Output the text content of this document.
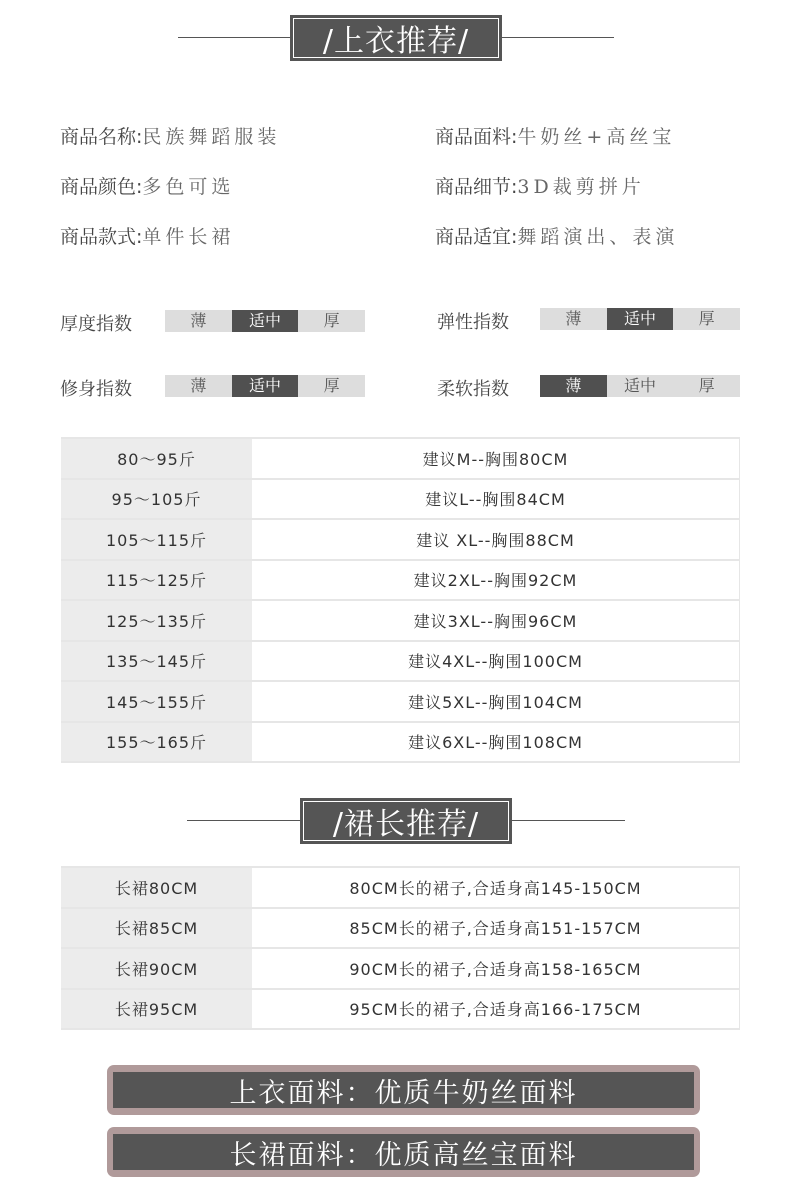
/上衣推荐/
商品名称:民族舞蹈服装	商品面料:牛奶丝+高丝宝
商品颜色:多色可选	商品细节:3D裁剪拼片
商品款式:单件长裙	商品适宜:舞蹈演出、表演
厚度指数	薄	适中	厚	弹性指数	薄	适中	厚
修身指数	薄	适中	厚	柔软指数	薄	适中	厚
80～95斤	建议M--胸围80CM
95～105斤	建议L--胸围84CM
105～115斤	建议 XL--胸围88CM
115～125斤	建议2XL--胸围92CM
125～135斤	建议3XL--胸围96CM
135～145斤	建议4XL--胸围100CM
145～155斤	建议5XL--胸围104CM
155～165斤	建议6XL--胸围108CM
/裙长推荐/
长裙80CM	80CM长的裙子,合适身高145-150CM
长裙85CM	85CM长的裙子,合适身高151-157CM
长裙90CM	90CM长的裙子,合适身高158-165CM
长裙95CM	95CM长的裙子,合适身高166-175CM
上衣面料：优质牛奶丝面料
长裙面料：优质高丝宝面料
